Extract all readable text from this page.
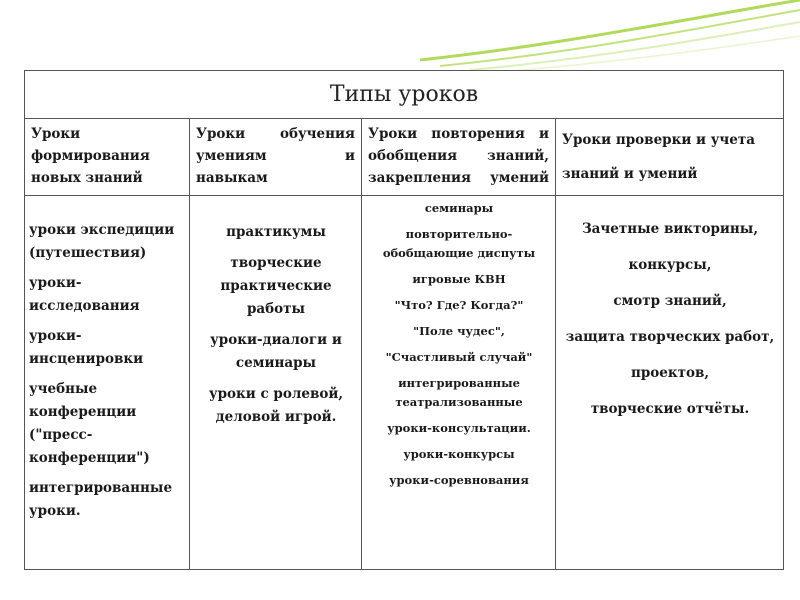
Типы уроков
Уроки формирования новых знаний
Уроки обучения умениям и навыкам
Уроки повторения и обобщения знаний, закрепления умений
Уроки проверки и учета знаний и умений

уроки экспедиции (путешествия)

уроки-исследования

уроки-инсценировки

учебные конференции ("пресс-конференции")

интегрированные уроки.

практикумы

творческие практические работы

уроки-диалоги и семинары

уроки с ролевой, деловой игрой.

семинары

повторительно-обобщающие диспуты

игровые КВН

"Что? Где? Когда?"

"Поле чудес",

"Счастливый случай"

интегрированные театрализованные

уроки-консультации.

уроки-конкурсы

уроки-соревнования

Зачетные викторины,

конкурсы,

смотр знаний,

защита творческих работ,

проектов,

творческие отчёты.
